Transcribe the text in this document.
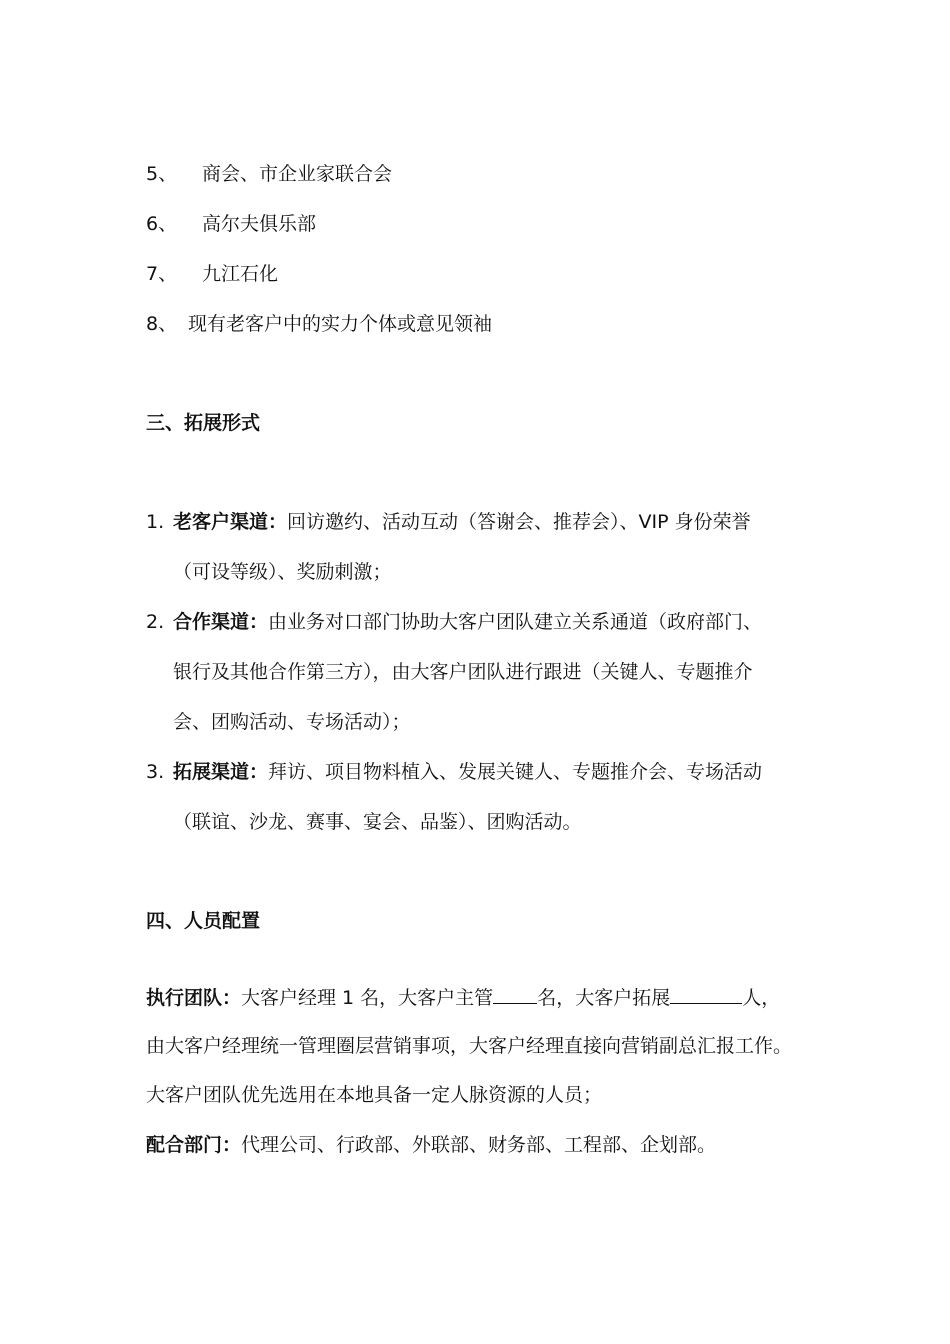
5、 商会、市企业家联合会
6、 高尔夫俱乐部
7、 九江石化
8、 现有老客户中的实力个体或意见领袖
三、拓展形式
1. 老客户渠道：回访邀约、活动互动（答谢会、推荐会）、VIP 身份荣誉
（可设等级）、奖励刺激；
2. 合作渠道：由业务对口部门协助大客户团队建立关系通道（政府部门、
银行及其他合作第三方），由大客户团队进行跟进（关键人、专题推介
会、团购活动、专场活动）；
3. 拓展渠道：拜访、项目物料植入、发展关键人、专题推介会、专场活动
（联谊、沙龙、赛事、宴会、品鉴）、团购活动。
四、人员配置
执行团队：大客户经理 1 名，大客户主管 名，大客户拓展	人，
由大客户经理统一管理圈层营销事项，大客户经理直接向营销副总汇报工作。
大客户团队优先选用在本地具备一定人脉资源的人员；
配合部门：代理公司、行政部、外联部、财务部、工程部、企划部。
